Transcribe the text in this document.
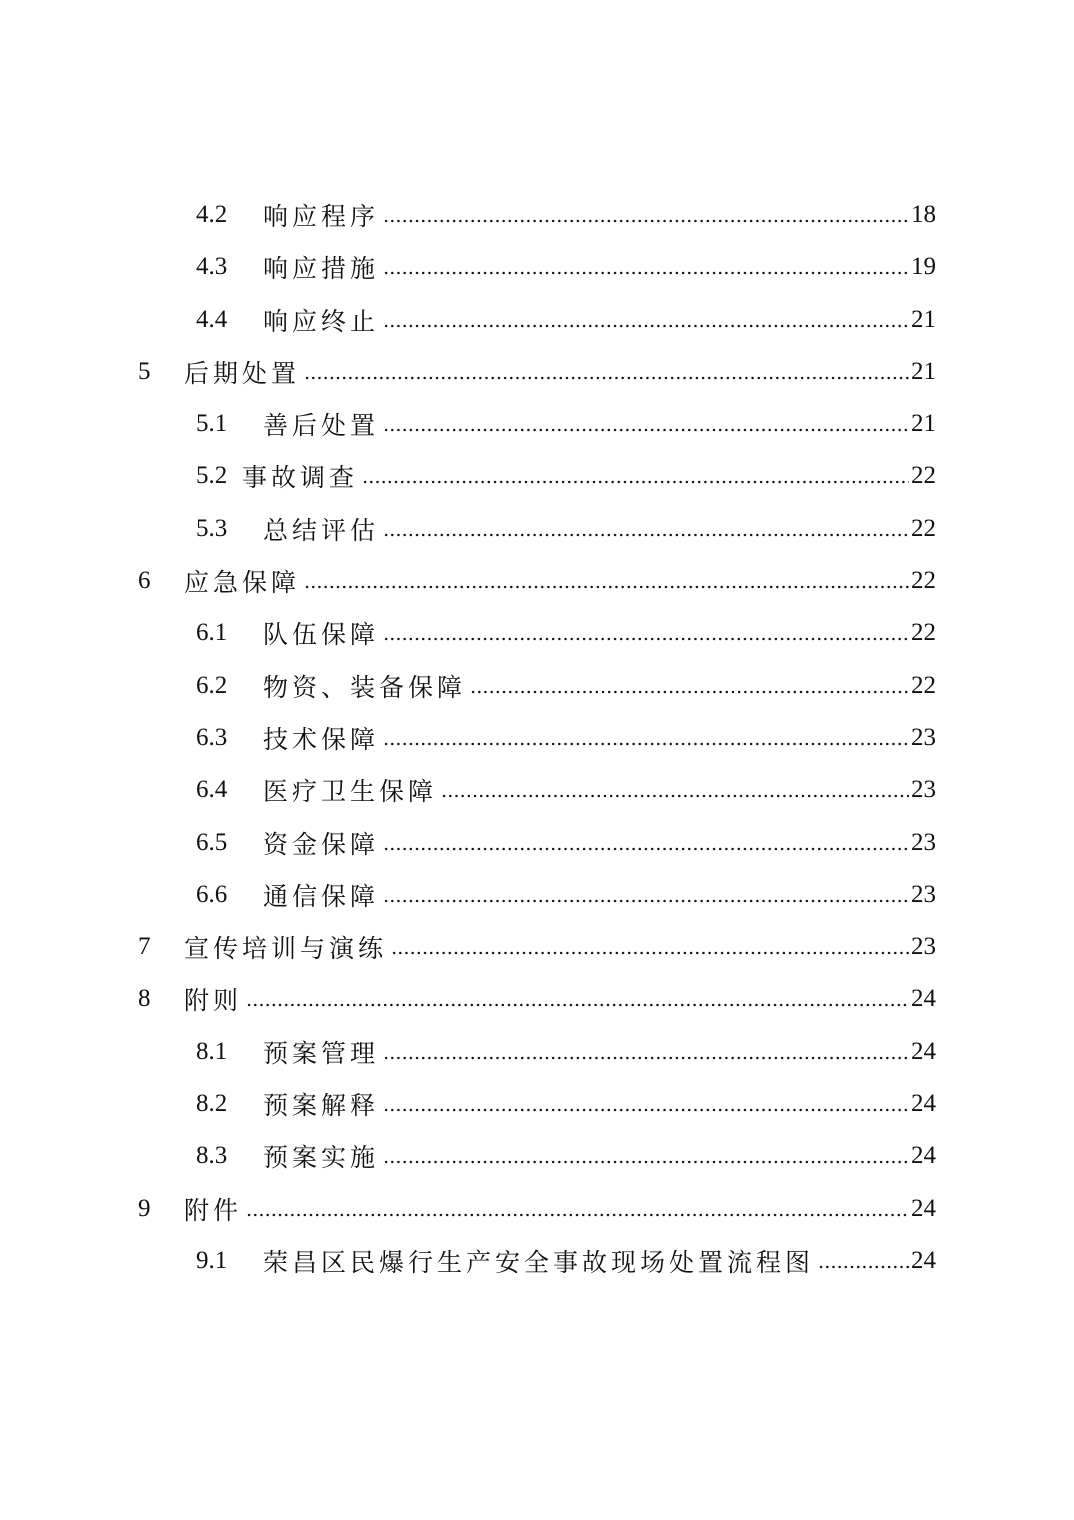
4.2	响应程序	18
4.3	响应措施	19
4.4	响应终止	21
5	后期处置	21
5.1	善后处置	21
5.2 事故调查	22
5.3	总结评估	22
6	应急保障	22
6.1	队伍保障	22
6.2	物资、装备保障	22
6.3	技术保障	23
6.4	医疗卫生保障	23
6.5	资金保障	23
6.6	通信保障	23
7	宣传培训与演练	23
8	附则	24
8.1	预案管理	24
8.2	预案解释	24
8.3	预案实施	24
9	附件	24
9.1	荣昌区民爆行生产安全事故现场处置流程图	24
